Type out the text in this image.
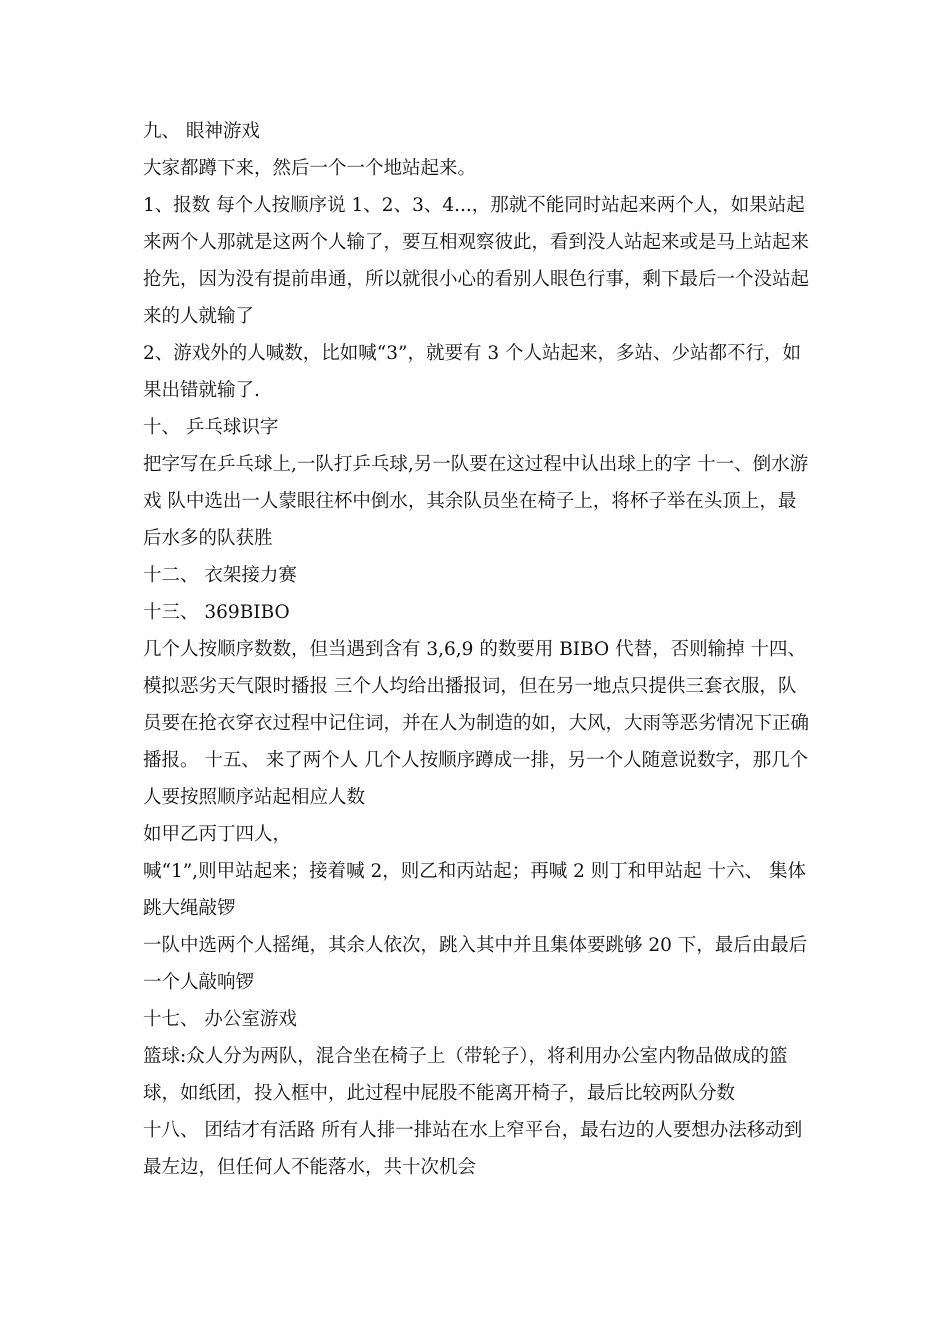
九、 眼神游戏

大家都蹲下来，然后一个一个地站起来。

1、报数 每个人按顺序说 1、2、3、4...，那就不能同时站起来两个人，如果站起来两个人那就是这两个人输了，要互相观察彼此，看到没人站起来或是马上站起来抢先，因为没有提前串通，所以就很小心的看别人眼色行事，剩下最后一个没站起来的人就输了

2、游戏外的人喊数，比如喊“3”，就要有 3 个人站起来，多站、少站都不行，如果出错就输了.

十、 乒乓球识字

把字写在乒乓球上,一队打乒乓球,另一队要在这过程中认出球上的字 十一、倒水游戏 队中选出一人蒙眼往杯中倒水，其余队员坐在椅子上，将杯子举在头顶上，最后水多的队获胜

十二、 衣架接力赛

十三、 369BIBO

几个人按顺序数数，但当遇到含有 3,6,9 的数要用 BIBO 代替，否则输掉 十四、模拟恶劣天气限时播报 三个人均给出播报词，但在另一地点只提供三套衣服，队员要在抢衣穿衣过程中记住词，并在人为制造的如，大风，大雨等恶劣情况下正确播报。 十五、 来了两个人 几个人按顺序蹲成一排，另一个人随意说数字，那几个人要按照顺序站起相应人数

如甲乙丙丁四人，

喊“1”,则甲站起来；接着喊 2，则乙和丙站起；再喊 2 则丁和甲站起 十六、 集体跳大绳敲锣

一队中选两个人摇绳，其余人依次，跳入其中并且集体要跳够 20 下，最后由最后一个人敲响锣

十七、 办公室游戏

篮球:众人分为两队，混合坐在椅子上（带轮子），将利用办公室内物品做成的篮球，如纸团，投入框中，此过程中屁股不能离开椅子，最后比较两队分数

十八、 团结才有活路 所有人排一排站在水上窄平台，最右边的人要想办法移动到最左边，但任何人不能落水，共十次机会
